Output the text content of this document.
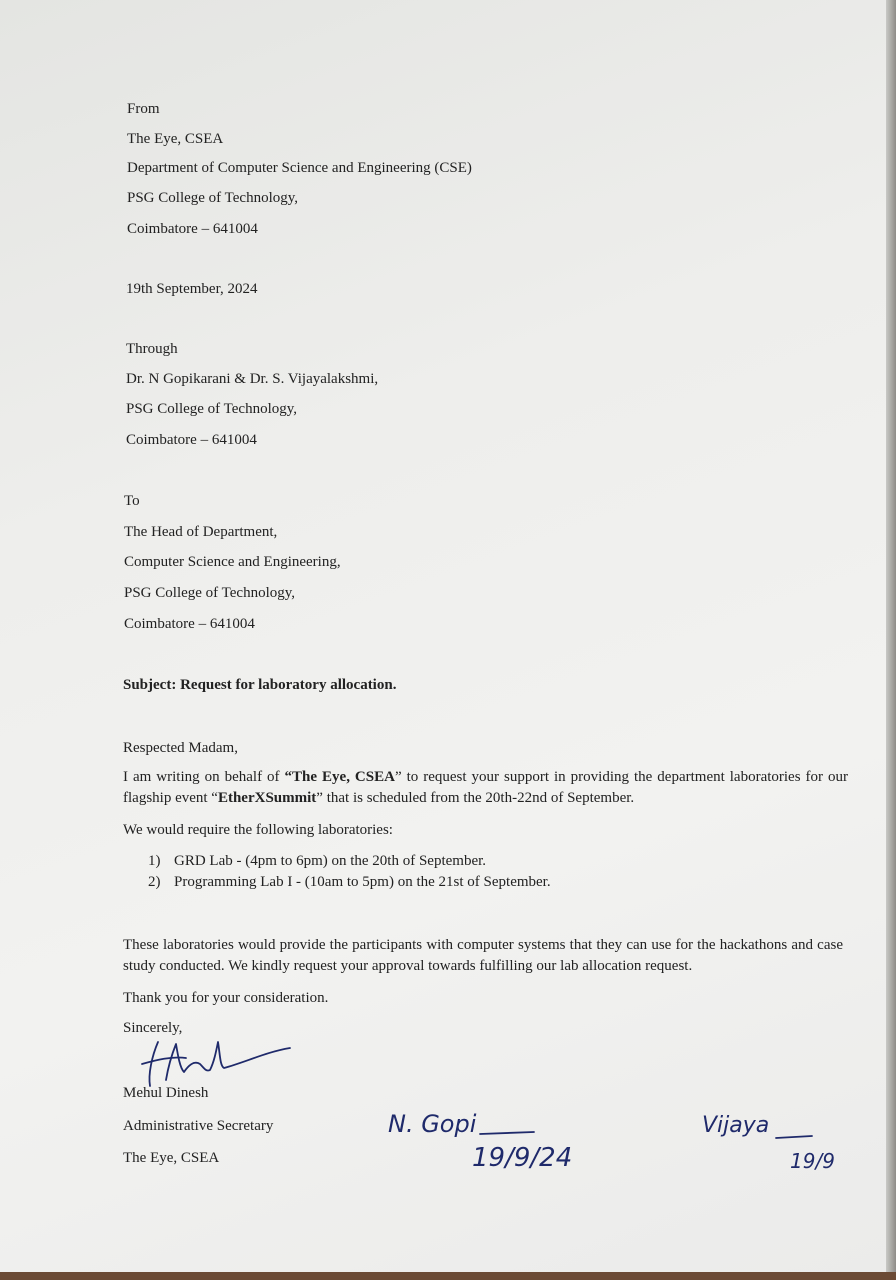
From
The Eye, CSEA
Department of Computer Science and Engineering (CSE)
PSG College of Technology,
Coimbatore – 641004
19th September, 2024
Through
Dr. N Gopikarani & Dr. S. Vijayalakshmi,
PSG College of Technology,
Coimbatore – 641004
To
The Head of Department,
Computer Science and Engineering,
PSG College of Technology,
Coimbatore – 641004
Subject: Request for laboratory allocation.
Respected Madam,
I am writing on behalf of “The Eye, CSEA” to request your support in providing the department laboratories for our flagship event “EtherXSummit” that is scheduled from the 20th-22nd of September.
We would require the following laboratories:
1) GRD Lab - (4pm to 6pm) on the 20th of September.
2) Programming Lab I - (10am to 5pm) on the 21st of September.
These laboratories would provide the participants with computer systems that they can use for the hackathons and case study conducted. We kindly request your approval towards fulfilling our lab allocation request.
Thank you for your consideration.
Sincerely,
Mehul Dinesh
Administrative Secretary
The Eye, CSEA
N. Gopi
19/9/24
Vijaya
19/9
